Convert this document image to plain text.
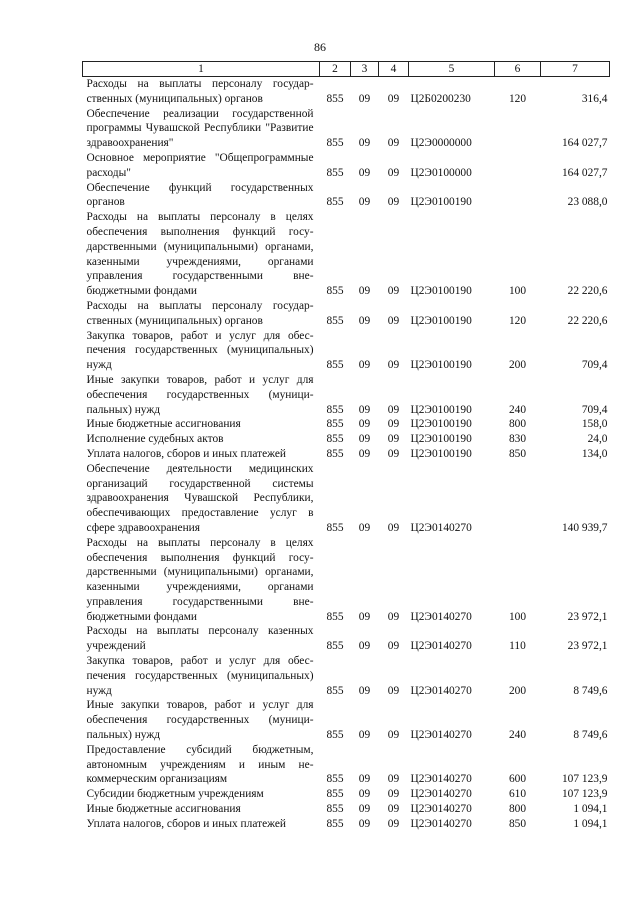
86
1	2	3	4	5	6	7
Расходы на выплаты персоналу государственных (муниципальных) органов	855	09	09	Ц2Б0200230	120	316,4
Обеспечение реализации государственной программы Чувашской Республики "Развитие здравоохранения"	855	09	09	Ц2Э0000000		164 027,7
Основное мероприятие "Общепрограммные расходы"	855	09	09	Ц2Э0100000		164 027,7
Обеспечение функций государственных органов	855	09	09	Ц2Э0100190		23 088,0
Расходы на выплаты персоналу в целях обеспечения выполнения функций государственными (муниципальными) органами, казенными учреждениями, органами управления государственными внебюджетными фондами	855	09	09	Ц2Э0100190	100	22 220,6
Расходы на выплаты персоналу государственных (муниципальных) органов	855	09	09	Ц2Э0100190	120	22 220,6
Закупка товаров, работ и услуг для обеспечения государственных (муниципальных) нужд	855	09	09	Ц2Э0100190	200	709,4
Иные закупки товаров, работ и услуг для обеспечения государственных (муниципальных) нужд	855	09	09	Ц2Э0100190	240	709,4
Иные бюджетные ассигнования	855	09	09	Ц2Э0100190	800	158,0
Исполнение судебных актов	855	09	09	Ц2Э0100190	830	24,0
Уплата налогов, сборов и иных платежей	855	09	09	Ц2Э0100190	850	134,0
Обеспечение деятельности медицинских организаций государственной системы здравоохранения Чувашской Республики, обеспечивающих предоставление услуг в сфере здравоохранения	855	09	09	Ц2Э0140270		140 939,7
Расходы на выплаты персоналу в целях обеспечения выполнения функций государственными (муниципальными) органами, казенными учреждениями, органами управления государственными внебюджетными фондами	855	09	09	Ц2Э0140270	100	23 972,1
Расходы на выплаты персоналу казенных учреждений	855	09	09	Ц2Э0140270	110	23 972,1
Закупка товаров, работ и услуг для обеспечения государственных (муниципальных) нужд	855	09	09	Ц2Э0140270	200	8 749,6
Иные закупки товаров, работ и услуг для обеспечения государственных (муниципальных) нужд	855	09	09	Ц2Э0140270	240	8 749,6
Предоставление субсидий бюджетным, автономным учреждениям и иным некоммерческим организациям	855	09	09	Ц2Э0140270	600	107 123,9
Субсидии бюджетным учреждениям	855	09	09	Ц2Э0140270	610	107 123,9
Иные бюджетные ассигнования	855	09	09	Ц2Э0140270	800	1 094,1
Уплата налогов, сборов и иных платежей	855	09	09	Ц2Э0140270	850	1 094,1
